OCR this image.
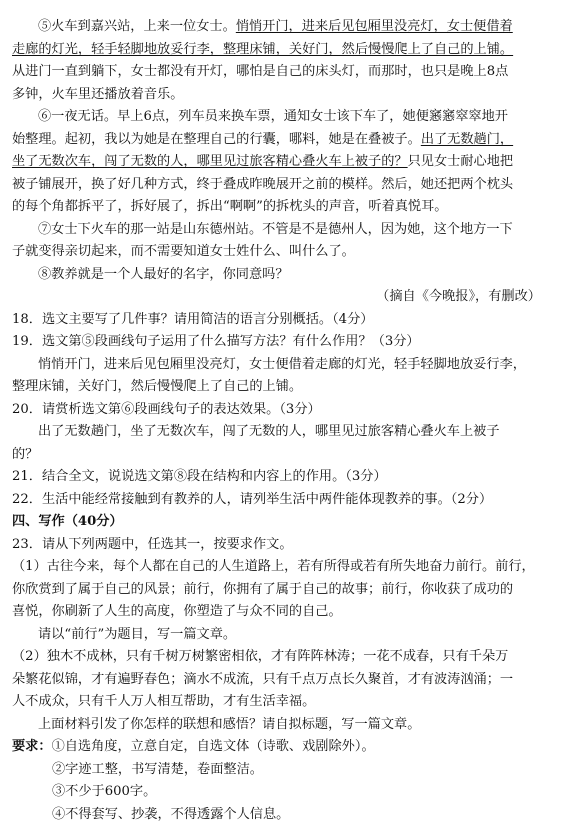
⑤火车到嘉兴站，上来一位女士。悄悄开门，进来后见包厢里没亮灯，女士便借着
走廊的灯光，轻手轻脚地放妥行李，整理床铺，关好门，然后慢慢爬上了自己的上铺。
从进门一直到躺下，女士都没有开灯，哪怕是自己的床头灯，而那时，也只是晚上8点
多钟，火车里还播放着音乐。
⑥一夜无话。早上6点，列车员来换车票，通知女士该下车了，她便窸窸窣窣地开
始整理。起初，我以为她是在整理自己的行囊，哪料，她是在叠被子。出了无数趟门，
坐了无数次车，闯了无数的人，哪里见过旅客精心叠火车上被子的？只见女士耐心地把
被子铺展开，换了好几种方式，终于叠成昨晚展开之前的模样。然后，她还把两个枕头
的每个角都拆平了，拆好展了，拆出“啊啊”的拆枕头的声音，听着真悦耳。
⑦女士下火车的那一站是山东德州站。不管是不是德州人，因为她，这个地方一下
子就变得亲切起来，而不需要知道女士姓什么、叫什么了。
⑧教养就是一个人最好的名字，你同意吗？
（摘自《今晚报》，有删改）
18．选文主要写了几件事？请用简洁的语言分别概括。（4分）
19．选文第⑤段画线句子运用了什么描写方法？有什么作用？（3分）
悄悄开门，进来后见包厢里没亮灯，女士便借着走廊的灯光，轻手轻脚地放妥行李，
整理床铺，关好门，然后慢慢爬上了自己的上铺。
20．请赏析选文第⑥段画线句子的表达效果。（3分）
出了无数趟门，坐了无数次车，闯了无数的人，哪里见过旅客精心叠火车上被子
的？
21．结合全文，说说选文第⑧段在结构和内容上的作用。（3分）
22．生活中能经常接触到有教养的人，请列举生活中两件能体现教养的事。（2分）
四、写作（40分）
23．请从下列两题中，任选其一，按要求作文。
（1）古往今来，每个人都在自己的人生道路上，若有所得或若有所失地奋力前行。前行，
你欣赏到了属于自己的风景；前行，你拥有了属于自己的故事；前行，你收获了成功的
喜悦，你刷新了人生的高度，你塑造了与众不同的自己。
请以“前行”为题目，写一篇文章。
（2）独木不成林，只有千树万树繁密相依，才有阵阵林涛；一花不成春，只有千朵万
朵繁花似锦，才有遍野春色；滴水不成流，只有千点万点长久聚首，才有波涛汹涌；一
人不成众，只有千人万人相互帮助，才有生活幸福。
上面材料引发了你怎样的联想和感悟？请自拟标题，写一篇文章。
要求：①自选角度，立意自定，自选文体（诗歌、戏剧除外）。
②字迹工整，书写清楚，卷面整洁。
③不少于600字。
④不得套写、抄袭，不得透露个人信息。
